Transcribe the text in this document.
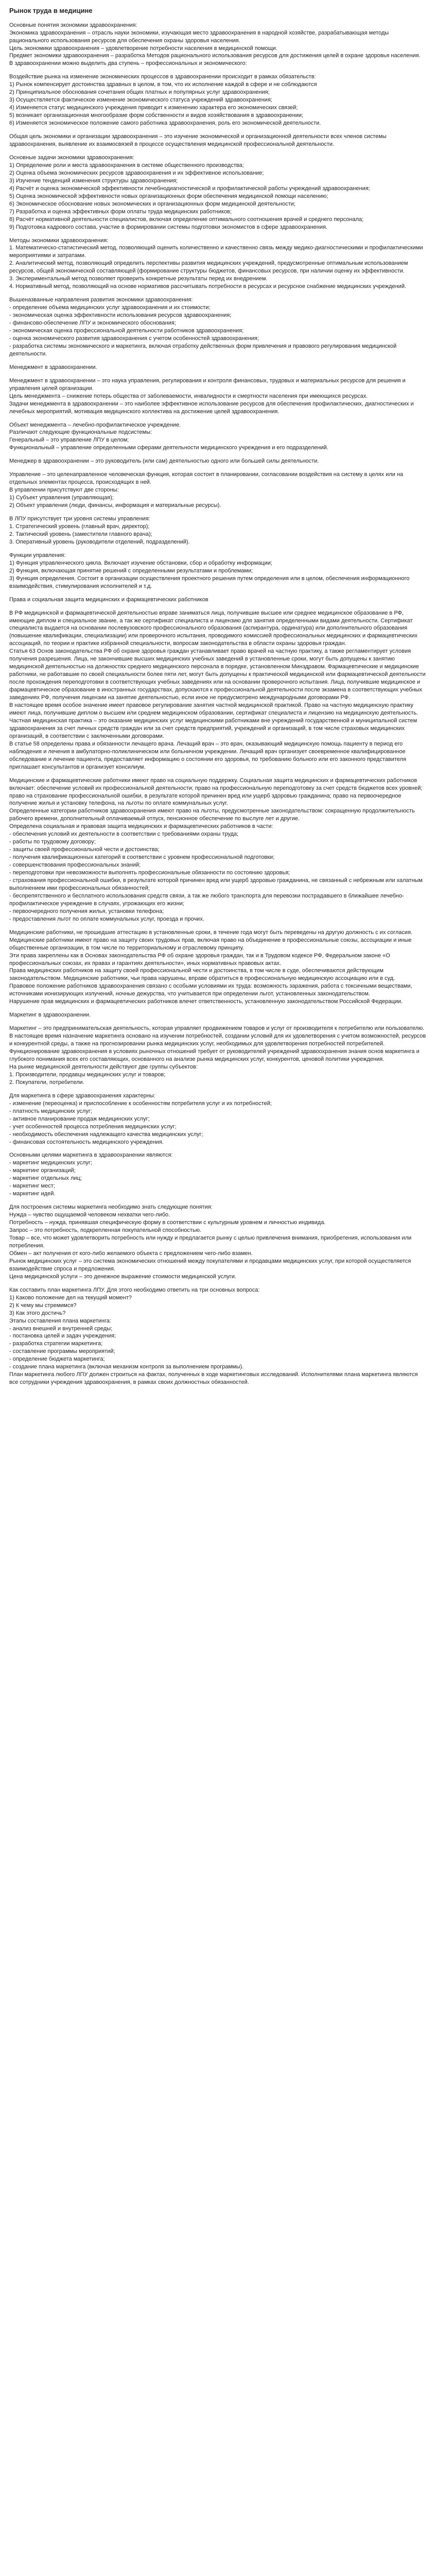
Рынок труда в медицине

Основные понятия экономики здравоохранения:
Экономика здравоохранения – отрасль науки экономики, изучающая место здравоохранения в народной хозяйстве, разрабатывающая методы рационального использования ресурсов для обеспечения охраны здоровья населения.
Цель экономики здравоохранения – удовлетворение потребности населения в медицинской помощи.
Предмет экономики здравоохранения – разработка Методов рационального использования ресурсов для достижения целей в охране здоровья населения.
В здравоохранении можно выделить два ступень – профессиональных и экономического:

Воздействие рынка на изменение экономических процессов в здравоохранении происходит в рамках обязательств:
1) Рынок компенсирует достоинства здравных в целом, в том, что их исполнение каждой в сфере и не соблюдаются
2) Принципиальное обоснования сочетания общих платных и популярных услуг здравоохранения;
3) Осуществляется фактическое изменение экономического статуса учреждений здравоохранения;
4) Изменяется статус медицинского учреждения приводит к изменению характера его экономических связей;
5) возникает организационная многообразие форм собственности и видов хозяйствования в здравоохранении;
6) Изменяется экономическое положение самого работника здравоохранения, роль его экономической деятельности.

Общая цель экономики и организации здравоохранения – это изучение экономической и организационной деятельности всех членов системы здравоохранения, выявление их взаимосвязей в процессе осуществления медицинской профессиональной деятельности.

Основные задачи экономики здравоохранения:
1) Определение роли и места здравоохранения в системе общественного производства;
2) Оценка объема экономических ресурсов здравоохранения и их эффективное использование;
3) Изучение тенденций изменения структуры здравоохранения;
4) Расчёт и оценка экономической эффективности лечебнодиагностической и профилактической работы учреждений здравоохранения;
5) Оценка экономической эффективности новых организационных форм обеспечения медицинской помощи населению;
6) Экономическое обоснование новых экономических и организационных форм медицинской деятельности;
7) Разработка и оценка эффективных форм оплаты труда медицинских работников;
8) Расчёт нормативной деятельности специалистов, включая определение оптимального соотношения врачей и среднего персонала;
9) Подготовка кадрового состава, участие в формировании системы подготовки экономистов в сфере здравоохранения.

Методы экономики здравоохранения:
1. Математическо-статистический метод, позволяющий оценить количественно и качественно связь между медико-диагностическими и профилактическими мероприятиями и затратами.
2. Аналитический метод, позволяющий определить перспективы развития медицинских учреждений, предусмотренные оптимальным использованием ресурсов, общей экономической составляющей (формирование структуры бюджетов, финансовых ресурсов, при наличии оценку их эффективности.
3. Экспериментальный метод позволяет проверить конкретные результаты перед их внедрением.
4. Нормативный метод, позволяющий на основе нормативов рассчитывать потребности в ресурсах и ресурсное снабжение медицинских учреждений.

Вышеназванные направления развития экономики здравоохранения:
- определение объема медицинских услуг здравоохранения и их стоимости;
- экономическая оценка эффективности использования ресурсов здравоохранения;
- финансово-обеспечение ЛПУ и экономического обоснования;
- экономическая оценка профессиональной деятельности работников здравоохранения;
- оценка экономического развития здравоохранения с учетом особенностей здравоохранения;
- разработка системы экономического и маркетинга, включая отработку действенных форм привлечения и правового регулирования медицинской деятельности.

Менеджмент в здравоохранении.

Менеджмент в здравоохранении – это наука управления, регулирования и контроля финансовых, трудовых и материальных ресурсов для решения и управления целей организации.
Цель менеджмента – снижение потерь общества от заболеваемости, инвалидности и смертности населения при имеющихся ресурсах.
Задачи менеджмента в здравоохранении – это наиболее эффективное использование ресурсов для обеспечения профилактических, диагностических и лечебных мероприятий, мотивация медицинского коллектива на достижение целей здравоохранения.

Объект менеджмента – лечебно-профилактическое учреждение.
Различают следующие функциональные подсистемы:
Генеральный – это управление ЛПУ в целом;
Функциональный – управление определенными сферами деятельности медицинского учреждения и его подразделений.

Менеджер в здравоохранении – это руководитель (или сам) деятельностью одного или большей силы деятельности.

Управление – это целенаправленное человеческая функция, которая состоит в планировании, согласовании воздействия на систему в целях или на отдельных элементах процесса, происходящих в ней.
В управлении присутствуют две стороны:
1) Субъект управления (управляющая);
2) Объект управления (люди, финансы, информация и материальные ресурсы).

В ЛПУ присутствует три уровня системы управления:
1. Стратегический уровень (главный врач, директор);
2. Тактический уровень (заместители главного врача);
3. Оперативный уровень (руководители отделений, подразделений).

Функции управления:
1) Функция управленческого цикла. Включает изучение обстановки, сбор и обработку информации;
2) Функция, включающая принятие решений с определенными результатами и проблемами;
3) Функция определения. Состоит в организации осуществления проектного решения путем определения или в целом, обеспечения информационного взаимодействия, стимулирования исполнителей и т.д.

Права и социальная защита медицинских и фармацевтических работников

В РФ медицинской и фармацевтической деятельностью вправе заниматься лица, получившие высшее или среднее медицинское образование в РФ, имеющие диплом и специальное звание, а так же сертификат специалиста и лицензию для занятия определенными видами деятельности. Сертификат специалиста выдается на основании послевузовского профессионального образования (аспирантура, ординатура) или дополнительного образования (повышение квалификации, специализации) или проверочного испытания, проводимого комиссией профессиональных медицинских и фармацевтических ассоциаций, по теории и практике избранной специальности, вопросам законодательства в области охраны здоровья граждан.
Статья 63 Основ законодательства РФ об охране здоровья граждан устанавливает право врачей на частную практику, а также регламентирует условия получения разрешения. Лица, не закончившие высших медицинских учебных заведений в установленные сроки, могут быть допущены к занятию медицинской деятельностью на должностях среднего медицинского персонала в порядке, установленном Минздравом. Фармацевтические и медицинские работники, не работавшие по своей специальности более пяти лет, могут быть допущены к практической медицинской или фармацевтической деятельности после прохождения переподготовки в соответствующих учебных заведениях или на основании проверочного испытания. Лица, получившие медицинское и фармацевтическое образование в иностранных государствах, допускаются к профессиональной деятельности после экзамена в соответствующих учебных заведениях РФ, получения лицензии на занятие деятельностью, если иное не предусмотрено международными договорами РФ.
В настоящее время особое значение имеет правовое регулирование занятия частной медицинской практикой. Право на частную медицинскую практику имеют лица, получившие диплом о высшем или среднем медицинском образовании, сертификат специалиста и лицензию на медицинскую деятельность. Частная медицинская практика – это оказание медицинских услуг медицинскими работниками вне учреждений государственной и муниципальной систем здравоохранения за счет личных средств граждан или за счет средств предприятий, учреждений и организаций, в том числе страховых медицинских организаций, в соответствии с заключенными договорами.
В статье 58 определены права и обязанности лечащего врача. Лечащий врач – это врач, оказывающий медицинскую помощь пациенту в период его наблюдения и лечения в амбулаторно-поликлиническом или больничном учреждении. Лечащий врач организует своевременное квалифицированное обследование и лечение пациента, предоставляет информацию о состоянии его здоровья, по требованию больного или его законного представителя приглашает консультантов и организует консилиум.

Медицинские и фармацевтические работники имеют право на социальную поддержку. Социальная защита медицинских и фармацевтических работников включает: обеспечение условий их профессиональной деятельности; право на профессиональную переподготовку за счет средств бюджетов всех уровней; право на страхование профессиональной ошибки, в результате которой причинен вред или ущерб здоровью гражданина; право на первоочередное получение жилья и установку телефона, на льготы по оплате коммунальных услуг.
Определенные категории работников здравоохранения имеют право на льготы, предусмотренные законодательством: сокращенную продолжительность рабочего времени, дополнительный оплачиваемый отпуск, пенсионное обеспечение по выслуге лет и другие.
Определена социальная и правовая защита медицинских и фармацевтических работников в части:
- обеспечения условий их деятельности в соответствии с требованиями охраны труда;
- работы по трудовому договору;
- защиты своей профессиональной чести и достоинства;
- получения квалификационных категорий в соответствии с уровнем профессиональной подготовки;
- совершенствования профессиональных знаний;
- переподготовки при невозможности выполнять профессиональные обязанности по состоянию здоровья;
- страхования профессиональной ошибки, в результате которой причинен вред или ущерб здоровью гражданина, не связанный с небрежным или халатным выполнением ими профессиональных обязанностей;
- беспрепятственного и бесплатного использования средств связи, а так же любого транспорта для перевозки пострадавшего в ближайшее лечебно-профилактическое учреждение в случаях, угрожающих его жизни;
- первоочередного получения жилья, установки телефона;
- предоставления льгот по оплате коммунальных услуг, проезда и прочих.

Медицинские работники, не прошедшие аттестацию в установленные сроки, в течение года могут быть переведены на другую должность с их согласия. Медицинские работники имеют право на защиту своих трудовых прав, включая право на объединение в профессиональные союзы, ассоциации и иные общественные организации, в том числе по территориальному и отраслевому принципу.
Эти права закреплены как в Основах законодательства РФ об охране здоровья граждан, так и в Трудовом кодексе РФ, Федеральном законе «О профессиональных союзах, их правах и гарантиях деятельности», иных нормативных правовых актах.
Права медицинских работников на защиту своей профессиональной чести и достоинства, в том числе в суде, обеспечиваются действующим законодательством. Медицинские работники, чьи права нарушены, вправе обратиться в профессиональную медицинскую ассоциацию или в суд.
Правовое положение работников здравоохранения связано с особыми условиями их труда: возможность заражения, работа с токсичными веществами, источниками ионизирующих излучений, ночные дежурства, что учитывается при определении льгот, установленных законодательством.
Нарушение прав медицинских и фармацевтических работников влечет ответственность, установленную законодательством Российской Федерации.

Маркетинг в здравоохранении.

Маркетинг – это предпринимательская деятельность, которая управляет продвижением товаров и услуг от производителя к потребителю или пользователю.
В настоящее время назначение маркетинга основано на изучении потребностей, создании условий для их удовлетворения с учетом возможностей, ресурсов и конкурентной среды, а также на прогнозировании рынка медицинских услуг, необходимых для удовлетворения потребностей потребителей.
Функционирование здравоохранения в условиях рыночных отношений требует от руководителей учреждений здравоохранения знания основ маркетинга и глубокого понимания всех его составляющих, основанного на анализе рынка медицинских услуг, конкурентов, ценовой политики учреждения.
На рынке медицинской деятельности действуют две группы субъектов:
1. Производители, продавцы медицинских услуг и товаров;
2. Покупатели, потребители.

Для маркетинга в сфере здравоохранения характерны:
- изменение (переоценка) и приспособление к особенностям потребителя услуг и их потребностей;
- платность медицинских услуг;
- активное планирование продаж медицинских услуг;
- учет особенностей процесса потребления медицинских услуг;
- необходимость обеспечения надлежащего качества медицинских услуг;
- финансовая состоятельность медицинского учреждения.

Основными целями маркетинга в здравоохранении являются:
- маркетинг медицинских услуг;
- маркетинг организаций;
- маркетинг отдельных лиц;
- маркетинг мест;
- маркетинг идей.

Для построения системы маркетинга необходимо знать следующие понятия:
Нужда – чувство ощущаемой человеком нехватки чего-либо.
Потребность – нужда, принявшая специфическую форму в соответствии с культурным уровнем и личностью индивида.
Запрос – это потребность, подкрепленная покупательной способностью.
Товар – все, что может удовлетворить потребность или нужду и предлагается рынку с целью привлечения внимания, приобретения, использования или потребления.
Обмен – акт получения от кого-либо желаемого объекта с предложением чего-либо взамен.
Рынок медицинских услуг – это система экономических отношений между покупателями и продавцами медицинских услуг, при которой осуществляется взаимодействие спроса и предложения.
Цена медицинской услуги – это денежное выражение стоимости медицинской услуги.

Как составить план маркетинга ЛПУ. Для этого необходимо ответить на три основных вопроса:
1) Каково положение дел на текущий момент?
2) К чему мы стремимся?
3) Как этого достичь?
Этапы составления плана маркетинга:
- анализ внешней и внутренней среды;
- постановка целей и задач учреждения;
- разработка стратегии маркетинга;
- составление программы мероприятий;
- определение бюджета маркетинга;
- создание плана маркетинга (включая механизм контроля за выполнением программы).
План маркетинга любого ЛПУ должен строиться на фактах, полученных в ходе маркетинговых исследований. Исполнителями плана маркетинга являются все сотрудники учреждения здравоохранения, в рамках своих должностных обязанностей.
